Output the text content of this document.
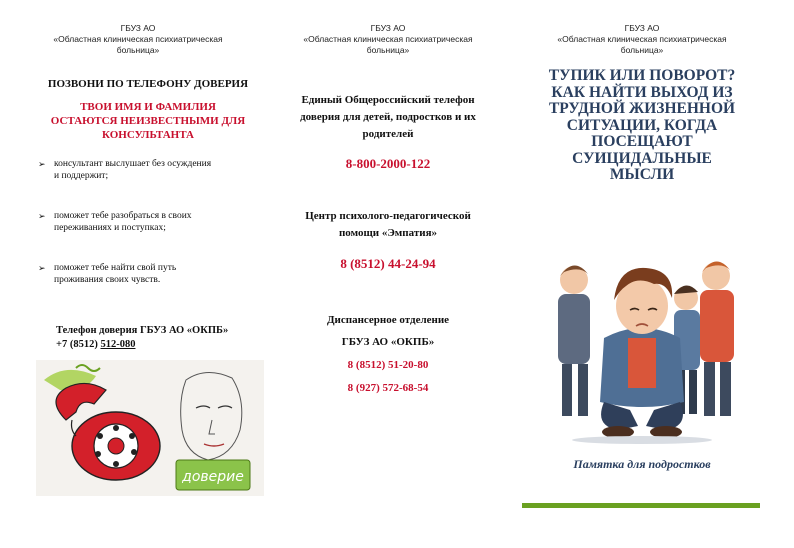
ГБУЗ АО
«Областная клиническая психиатрическая
больница»
ПОЗВОНИ ПО ТЕЛЕФОНУ ДОВЕРИЯ
ТВОИ ИМЯ И ФАМИЛИЯ
ОСТАЮТСЯ НЕИЗВЕСТНЫМИ ДЛЯ
КОНСУЛЬТАНТА
➢ консультант выслушает без осуждения
и поддержит;
➢ поможет тебе разобраться в своих
переживаниях и поступках;
➢ поможет тебе найти свой путь
проживания своих чувств.
Телефон доверия ГБУЗ АО «ОКПБ»
+7 (8512) 512-080
доверие
ГБУЗ АО
«Областная клиническая психиатрическая
больница»
Единый Общероссийский телефон
доверия для детей, подростков и их
родителей
8-800-2000-122
Центр психолого-педагогической
помощи «Эмпатия»
8 (8512) 44-24-94
Диспансерное отделение
ГБУЗ АО «ОКПБ»
8 (8512) 51-20-80
8 (927) 572-68-54
ГБУЗ АО
«Областная клиническая психиатрическая
больница»
ТУПИК ИЛИ ПОВОРОТ?
КАК НАЙТИ ВЫХОД ИЗ
ТРУДНОЙ ЖИЗНЕННОЙ
СИТУАЦИИ, КОГДА
ПОСЕЩАЮТ
СУИЦИДАЛЬНЫЕ
МЫСЛИ
Памятка для подростков
